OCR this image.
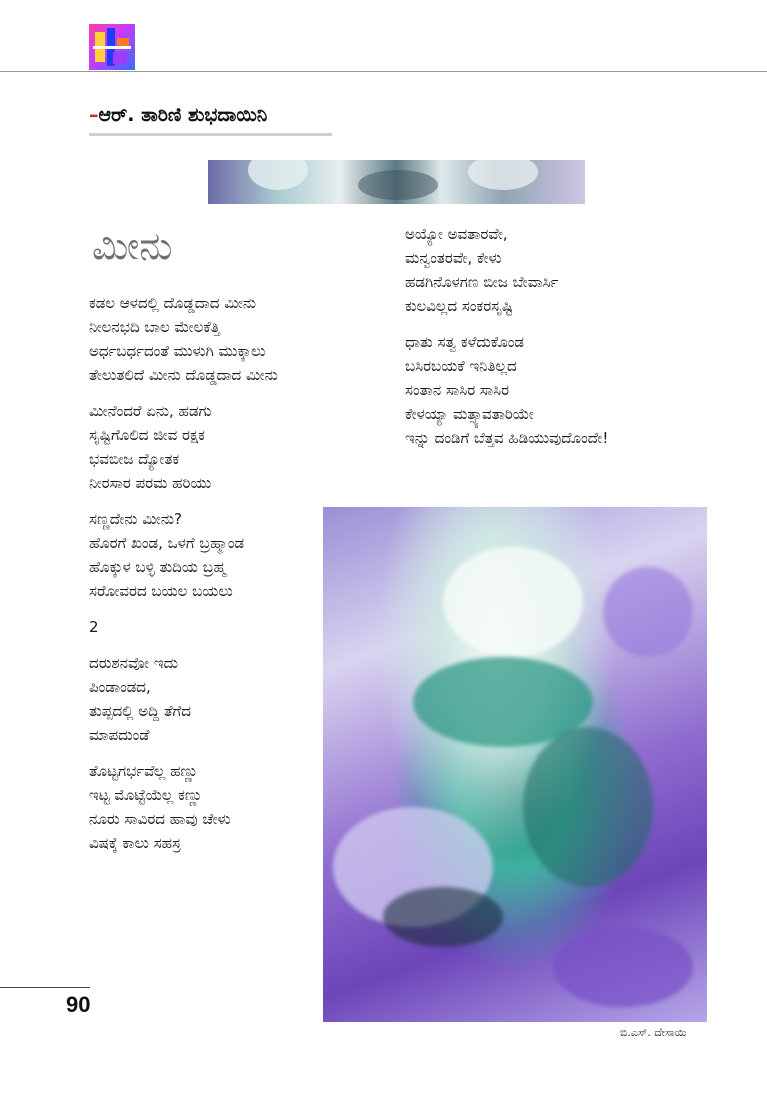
–ಆರ್. ತಾರಿಣಿ ಶುಭದಾಯಿನಿ
ಮೀನು
ಕಡಲ ಆಳದಲ್ಲಿ ದೊಡ್ಡದಾದ ಮೀನು
ನೀಲನಭದಿ ಬಾಲ ಮೇಲಕೆತ್ತಿ
ಅರ್ಧಬರ್ಧದಂತೆ ಮುಳುಗಿ ಮುಕ್ಕಾಲು
ತೇಲುತಲಿದೆ ಮೀನು ದೊಡ್ಡದಾದ ಮೀನು
ಮೀನೆಂದರೆ ಏನು, ಹಡಗು
ಸೃಷ್ಟಿಗೊಲಿದ ಜೀವ ರಕ್ಷಕ
ಭವಬೀಜ ದ್ಯೋತಕ
ನೀರಸಾರ ಪರಮ ಹರಿಯು
ಸಣ್ಣದೇನು ಮೀನು?
ಹೊರಗೆ ಖಂಡ, ಒಳಗೆ ಬ್ರಹ್ಮಾಂಡ
ಹೊಕ್ಕುಳ ಬಳ್ಳಿ ತುದಿಯ ಬ್ರಹ್ಮ
ಸರೋವರದ ಬಯಲ ಬಯಲು
2
ದರುಶನವೋ ಇದು
ಪಿಂಡಾಂಡದ,
ತುಪ್ಪದಲ್ಲಿ ಅದ್ದಿ ತೆಗೆದ
ಮಾಪದುಂಡೆ
ತೊಟ್ಟಗರ್ಭವೆಲ್ಲ ಹಣ್ಣು
ಇಟ್ಟ ಮೊಟ್ಟೆಯೆಲ್ಲ ಕಣ್ಣು
ನೂರು ಸಾವಿರದ ಹಾವು ಚೇಳು
ವಿಷಕ್ಕೆ ಕಾಲು ಸಹಸ್ರ
ಅಯ್ಯೋ ಅವತಾರವೇ,
ಮನ್ವಂತರವೇ, ಕೇಳು
ಹಡಗಿನೊಳಗಣ ಬೀಜ ಬೇವಾರ್ಸಿ
ಕುಲವಿಲ್ಲದ ಸಂಕರಸೃಷ್ಟಿ
ಧಾತು ಸತ್ವ ಕಳೆದುಕೊಂಡ
ಬಸಿರಬಯಕೆ ಇನಿತಿಲ್ಲದ
ಸಂತಾನ ಸಾಸಿರ ಸಾಸಿರ
ಕೇಳಯ್ಯಾ ಮತ್ಸ್ಯಾವತಾರಿಯೇ
ಇನ್ನು ದಂಡಿಗೆ ಬೆತ್ತವ ಹಿಡಿಯುವುದೊಂದೇ!
ಬಿ.ಎಸ್. ದೇಸಾಯಿ
90
